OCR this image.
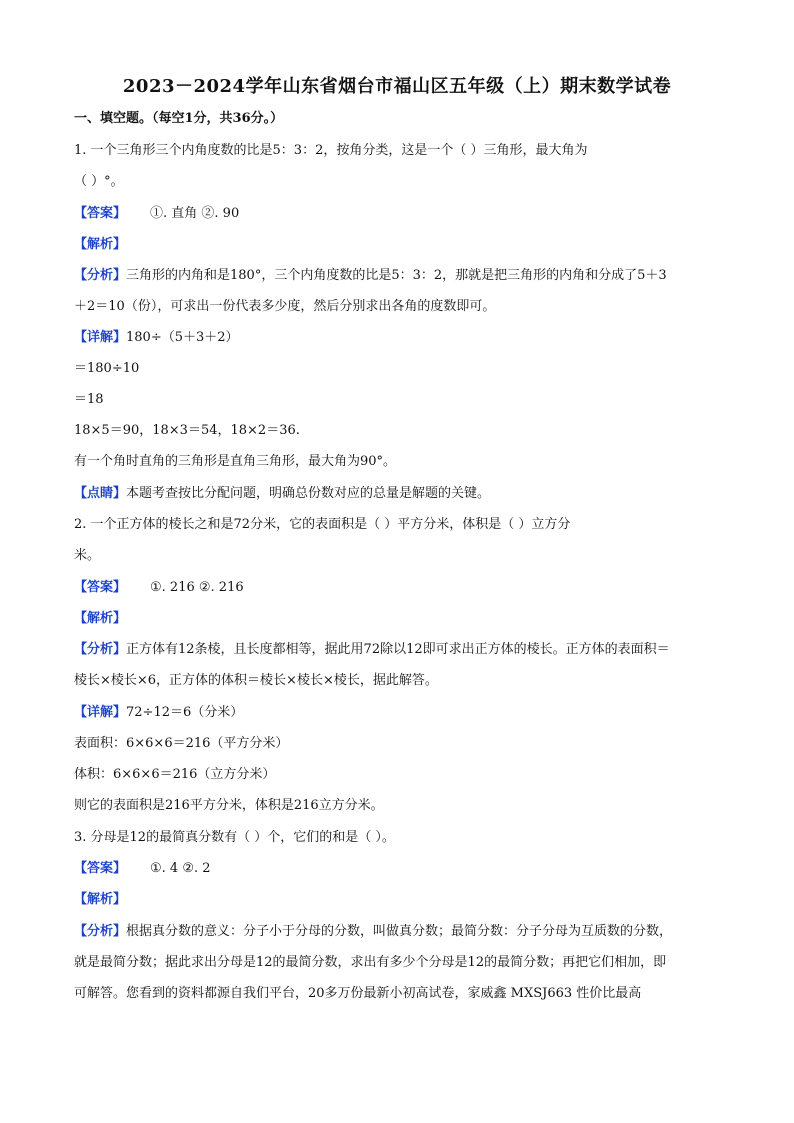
2023－2024学年山东省烟台市福山区五年级（上）期末数学试卷
一、填空题。（每空1分，共36分。）
1. 一个三角形三个内角度数的比是5：3：2，按角分类，这是一个（ ）三角形，最大角为
（ ）°。
【答案】 ①. 直角 ②. 90
【解析】
【分析】三角形的内角和是180°，三个内角度数的比是5：3：2，那就是把三角形的内角和分成了5＋3
＋2＝10（份），可求出一份代表多少度，然后分别求出各角的度数即可。
【详解】180÷（5＋3＋2）
＝180÷10
＝18
18×5＝90，18×3＝54，18×2＝36.
有一个角时直角的三角形是直角三角形，最大角为90°。
【点睛】本题考查按比分配问题，明确总份数对应的总量是解题的关键。
2. 一个正方体的棱长之和是72分米，它的表面积是（ ）平方分米，体积是（ ）立方分
米。
【答案】 ①. 216 ②. 216
【解析】
【分析】正方体有12条棱，且长度都相等，据此用72除以12即可求出正方体的棱长。正方体的表面积＝
棱长×棱长×6，正方体的体积＝棱长×棱长×棱长，据此解答。
【详解】72÷12＝6（分米）
表面积：6×6×6＝216（平方分米）
体积：6×6×6＝216（立方分米）
则它的表面积是216平方分米，体积是216立方分米。
3. 分母是12的最简真分数有（ ）个，它们的和是（ ）。
【答案】 ①. 4 ②. 2
【解析】
【分析】根据真分数的意义：分子小于分母的分数，叫做真分数；最简分数：分子分母为互质数的分数，
就是最简分数；据此求出分母是12的最简分数，求出有多少个分母是12的最简分数；再把它们相加，即
可解答。您看到的资料都源自我们平台，20多万份最新小初高试卷，家威鑫 MXSJ663 性价比最高
